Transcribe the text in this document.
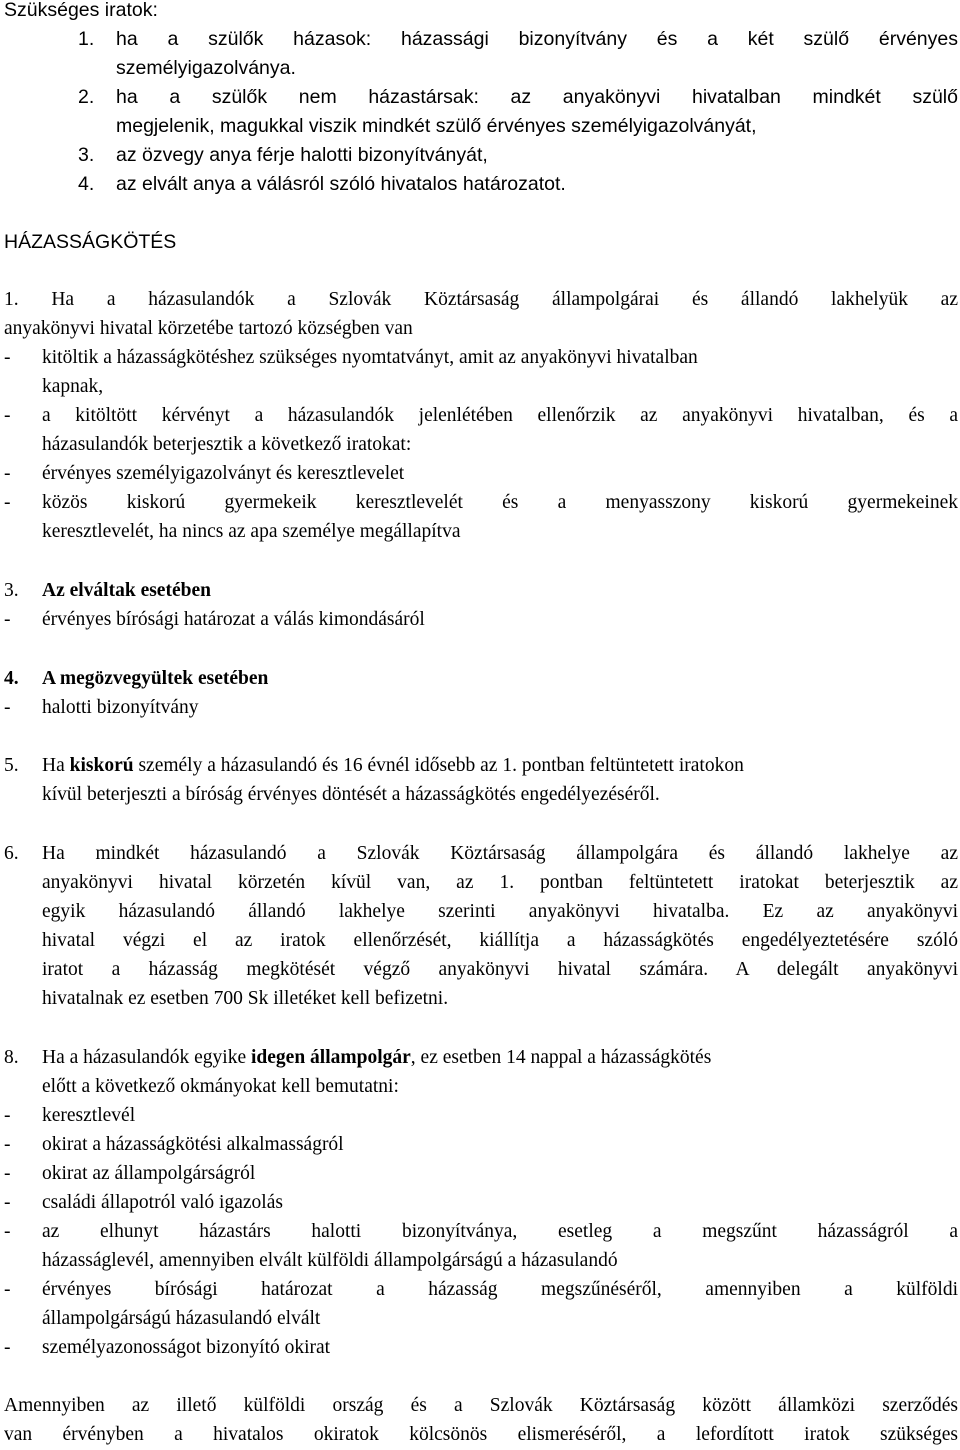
Szükséges iratok:
1. ha a szülők házasok: házassági bizonyítvány és a két szülő érvényes
személyigazolványa.
2. ha a szülők nem házastársak: az anyakönyvi hivatalban mindkét szülő
megjelenik, magukkal viszik mindkét szülő érvényes személyigazolványát,
3. az özvegy anya férje halotti bizonyítványát,
4. az elvált anya a válásról szóló hivatalos határozatot.
HÁZASSÁGKÖTÉS
1. Ha a házasulandók a Szlovák Köztársaság állampolgárai és állandó lakhelyük az
anyakönyvi hivatal körzetébe tartozó községben van
- kitöltik a házasságkötéshez szükséges nyomtatványt, amit az anyakönyvi hivatalban
kapnak,
- a kitöltött kérvényt a házasulandók jelenlétében ellenőrzik az anyakönyvi hivatalban, és a
házasulandók beterjesztik a következő iratokat:
- érvényes személyigazolványt és keresztlevelet
- közös kiskorú gyermekeik keresztlevelét és a menyasszony kiskorú gyermekeinek
keresztlevelét, ha nincs az apa személye megállapítva
3. Az elváltak esetében
- érvényes bírósági határozat a válás kimondásáról
4. A megözvegyültek esetében
- halotti bizonyítvány
5. Ha kiskorú személy a házasulandó és 16 évnél idősebb az 1. pontban feltüntetett iratokon
kívül beterjeszti a bíróság érvényes döntését a házasságkötés engedélyezéséről.
6. Ha mindkét házasulandó a Szlovák Köztársaság állampolgára és állandó lakhelye az
anyakönyvi hivatal körzetén kívül van, az 1. pontban feltüntetett iratokat beterjesztik az
egyik házasulandó állandó lakhelye szerinti anyakönyvi hivatalba. Ez az anyakönyvi
hivatal végzi el az iratok ellenőrzését, kiállítja a házasságkötés engedélyeztetésére szóló
iratot a házasság megkötését végző anyakönyvi hivatal számára. A delegált anyakönyvi
hivatalnak ez esetben 700 Sk illetéket kell befizetni.
8. Ha a házasulandók egyike idegen állampolgár, ez esetben 14 nappal a házasságkötés
előtt a következő okmányokat kell bemutatni:
- keresztlevél
- okirat a házasságkötési alkalmasságról
- okirat az állampolgárságról
- családi állapotról való igazolás
- az elhunyt házastárs halotti bizonyítványa, esetleg a megszűnt házasságról a
házasságlevél, amennyiben elvált külföldi állampolgárságú a házasulandó
- érvényes bírósági határozat a házasság megszűnéséről, amennyiben a külföldi
állampolgárságú házasulandó elvált
- személyazonosságot bizonyító okirat
Amennyiben az illető külföldi ország és a Szlovák Köztársaság között államközi szerződés
van érvényben a hivatalos okiratok kölcsönös elismeréséről, a lefordított iratok szükséges
